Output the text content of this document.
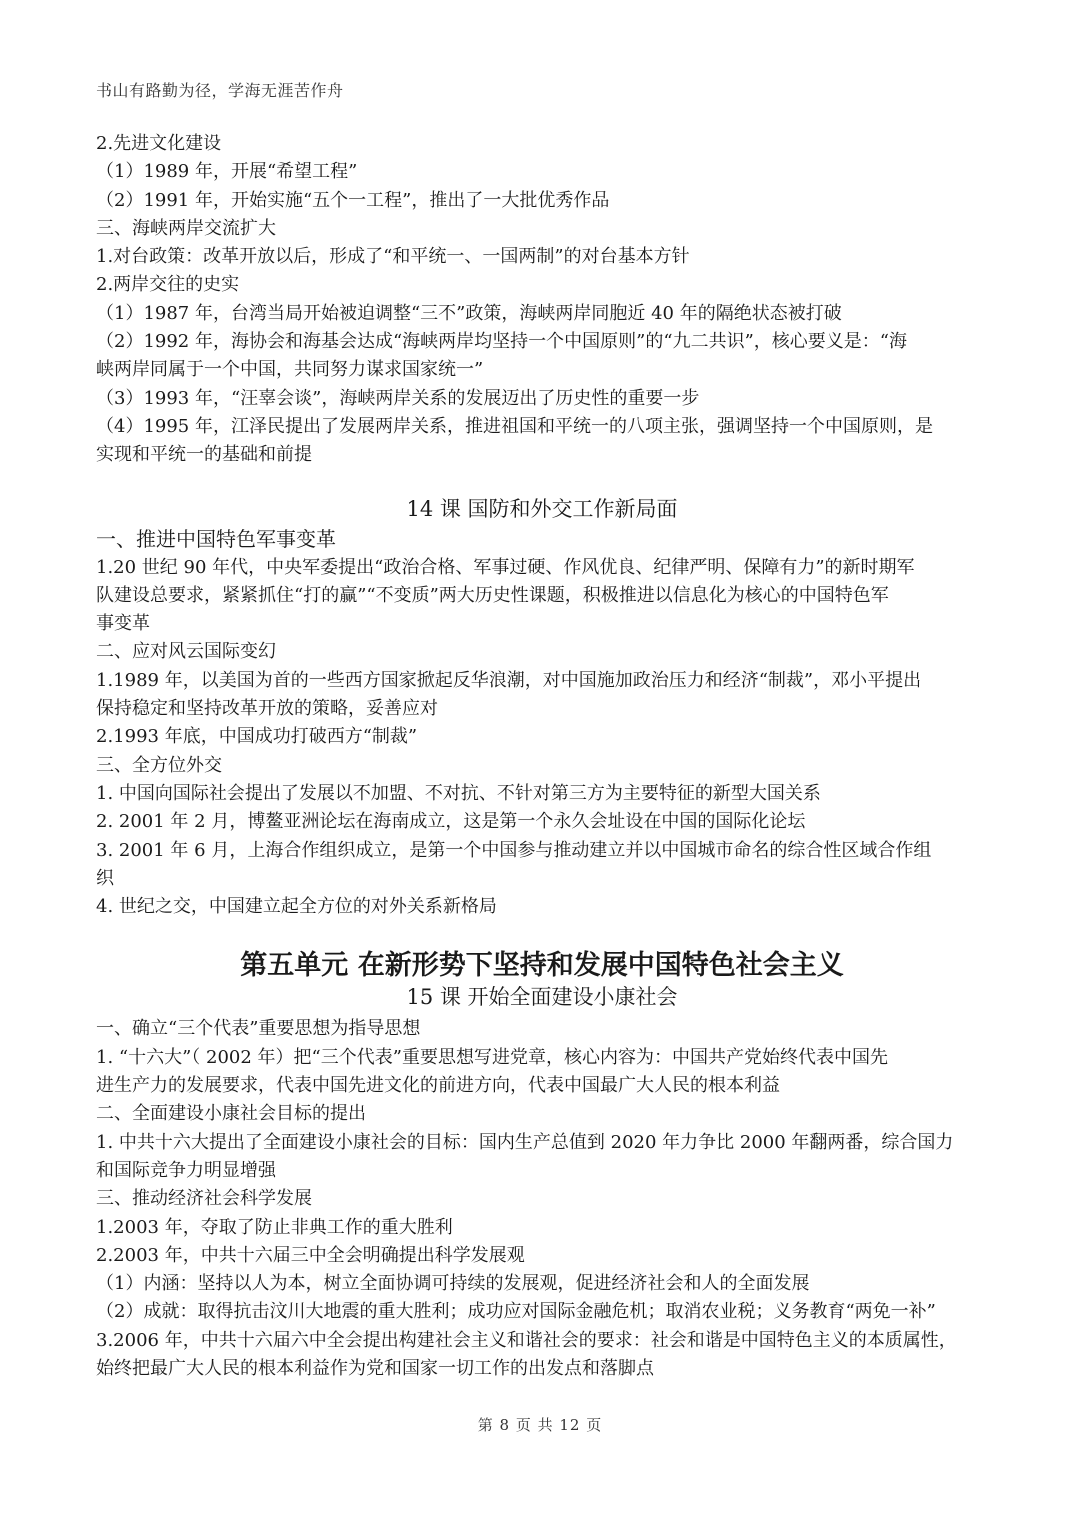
书山有路勤为径，学海无涯苦作舟

2.先进文化建设

（1）1989 年，开展“希望工程”

（2）1991 年，开始实施“五个一工程”，推出了一大批优秀作品

三、海峡两岸交流扩大

1.对台政策：改革开放以后，形成了“和平统一、一国两制”的对台基本方针

2.两岸交往的史实

（1）1987 年，台湾当局开始被迫调整“三不”政策，海峡两岸同胞近 40 年的隔绝状态被打破

（2）1992 年，海协会和海基会达成“海峡两岸均坚持一个中国原则”的“九二共识”，核心要义是：“海

峡两岸同属于一个中国，共同努力谋求国家统一”

（3）1993 年，“汪辜会谈”，海峡两岸关系的发展迈出了历史性的重要一步

（4）1995 年，江泽民提出了发展两岸关系，推进祖国和平统一的八项主张，强调坚持一个中国原则，是

实现和平统一的基础和前提

14 课 国防和外交工作新局面

一、推进中国特色军事变革

1.20 世纪 90 年代，中央军委提出“政治合格、军事过硬、作风优良、纪律严明、保障有力”的新时期军

队建设总要求，紧紧抓住“打的赢”“不变质”两大历史性课题，积极推进以信息化为核心的中国特色军

事变革

二、应对风云国际变幻

1.1989 年，以美国为首的一些西方国家掀起反华浪潮，对中国施加政治压力和经济“制裁”，邓小平提出

保持稳定和坚持改革开放的策略，妥善应对

2.1993 年底，中国成功打破西方“制裁”

三、全方位外交

1. 中国向国际社会提出了发展以不加盟、不对抗、不针对第三方为主要特征的新型大国关系

2. 2001 年 2 月，博鳌亚洲论坛在海南成立，这是第一个永久会址设在中国的国际化论坛

3. 2001 年 6 月，上海合作组织成立，是第一个中国参与推动建立并以中国城市命名的综合性区域合作组

织

4. 世纪之交，中国建立起全方位的对外关系新格局

第五单元 在新形势下坚持和发展中国特色社会主义

15 课 开始全面建设小康社会

一、确立“三个代表”重要思想为指导思想

1. “十六大”（ 2002 年）把“三个代表”重要思想写进党章，核心内容为：中国共产党始终代表中国先

进生产力的发展要求，代表中国先进文化的前进方向，代表中国最广大人民的根本利益

二、全面建设小康社会目标的提出

1. 中共十六大提出了全面建设小康社会的目标：国内生产总值到 2020 年力争比 2000 年翻两番，综合国力

和国际竞争力明显增强

三、推动经济社会科学发展

1.2003 年，夺取了防止非典工作的重大胜利

2.2003 年，中共十六届三中全会明确提出科学发展观

（1）内涵：坚持以人为本，树立全面协调可持续的发展观，促进经济社会和人的全面发展

（2）成就：取得抗击汶川大地震的重大胜利；成功应对国际金融危机；取消农业税；义务教育“两免一补”

3.2006 年，中共十六届六中全会提出构建社会主义和谐社会的要求：社会和谐是中国特色主义的本质属性，

始终把最广大人民的根本利益作为党和国家一切工作的出发点和落脚点

第 8 页 共 12 页
